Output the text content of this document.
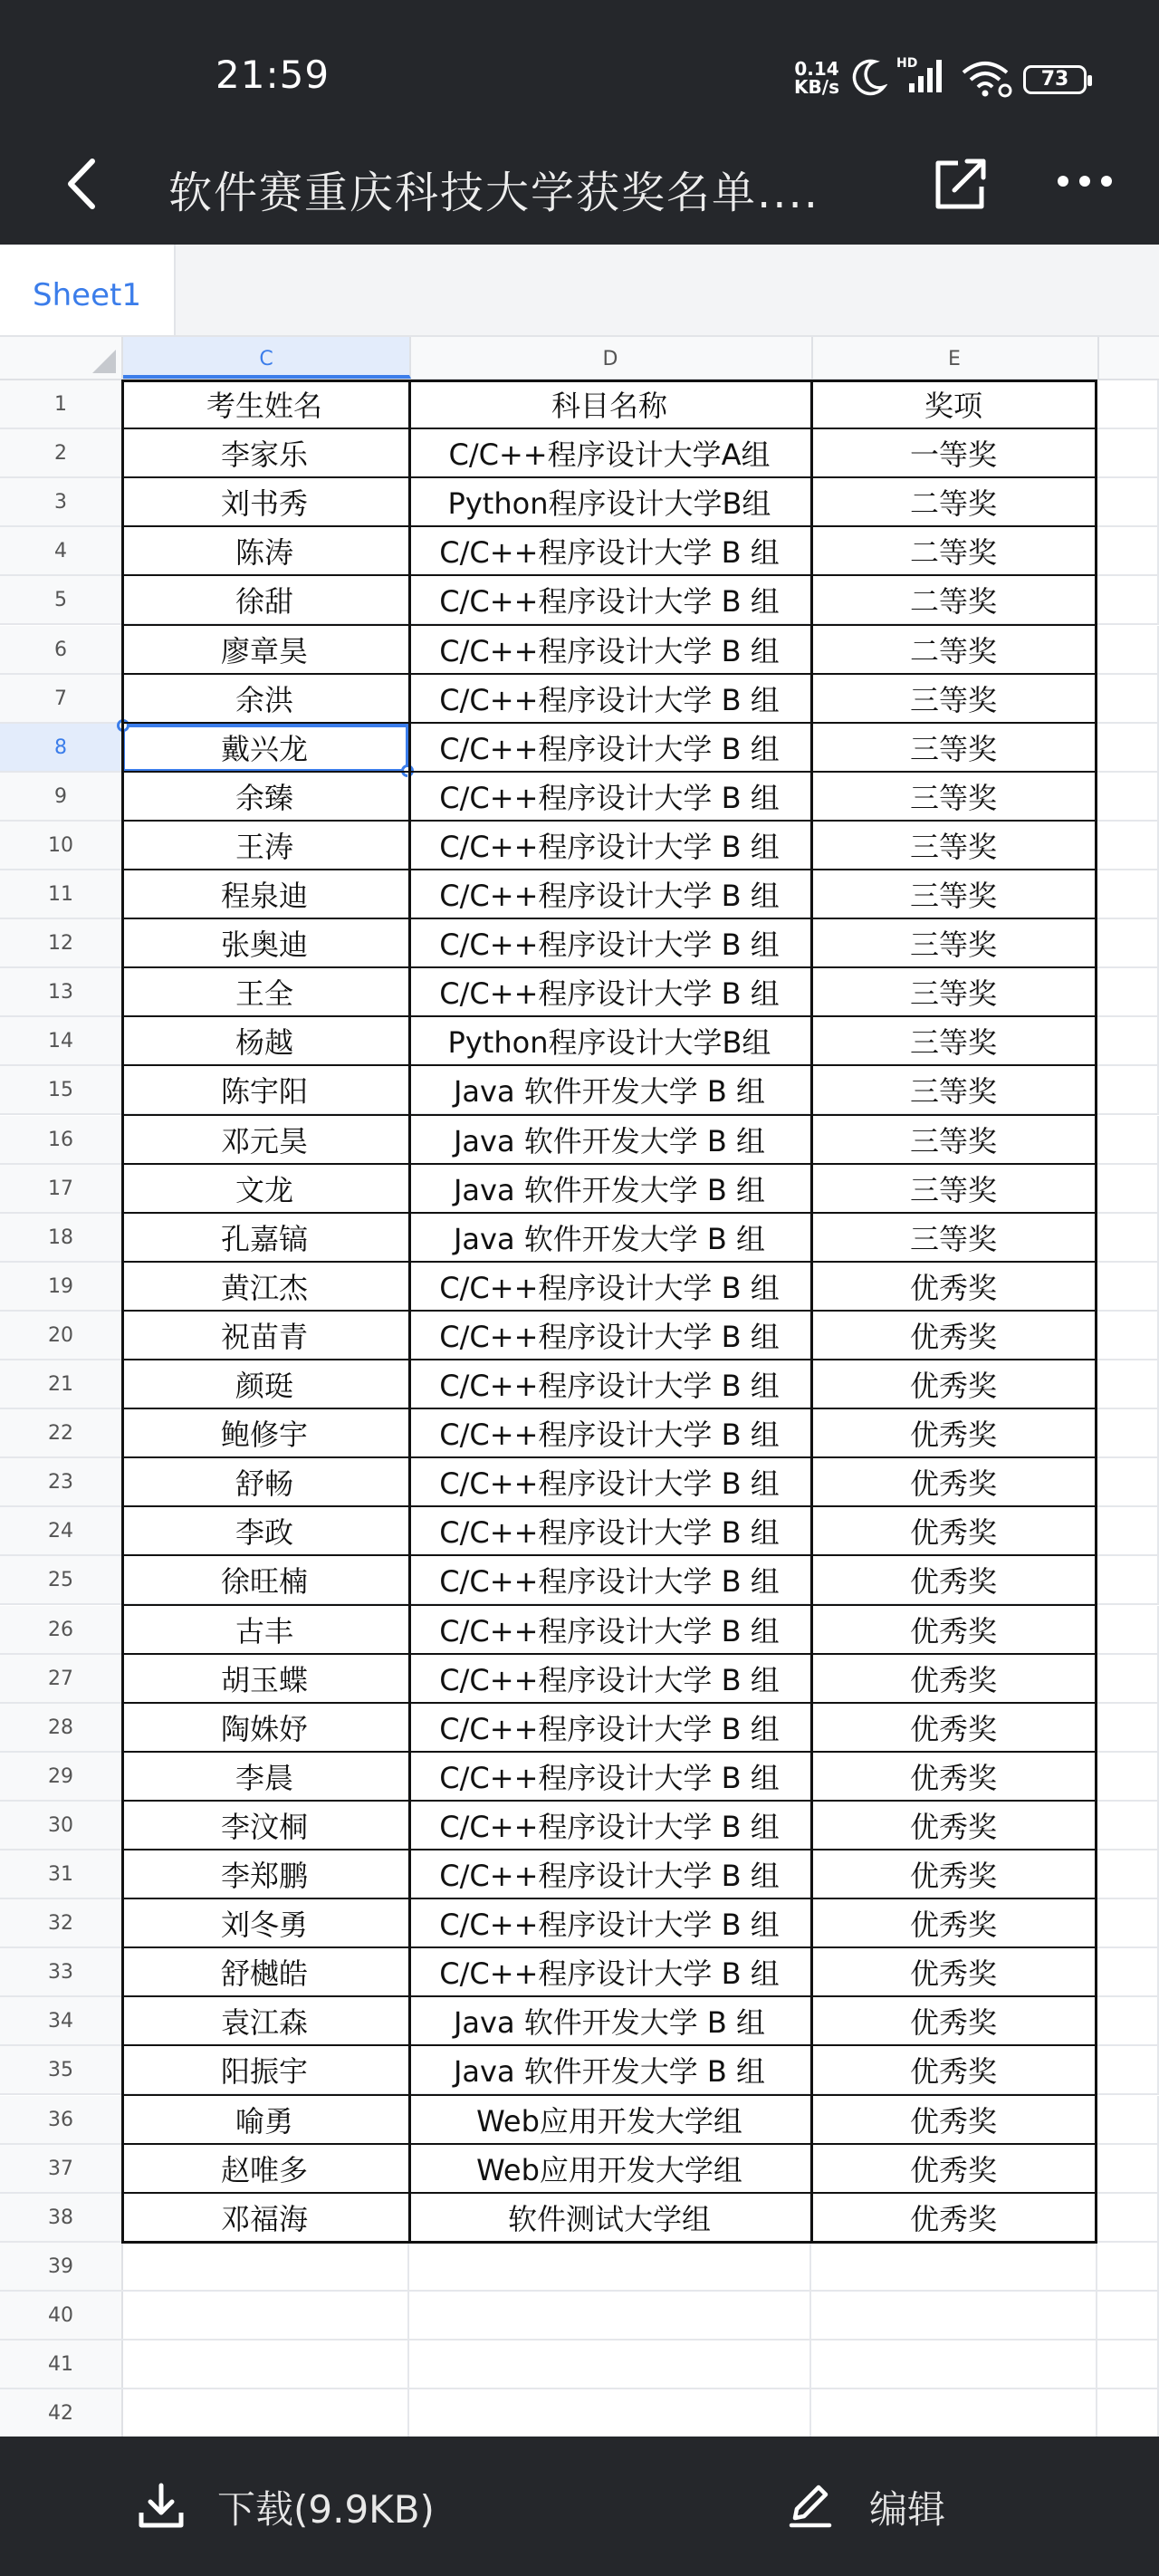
21:59	0.14
KB/s
HD
73
软件赛重庆科技大学获奖名单....
Sheet1
C	D	E
1	考生姓名	科目名称	奖项
2	李家乐	C/C++程序设计大学A组	一等奖
3	刘书秀	Python程序设计大学B组	二等奖
4	陈涛	C/C++程序设计大学 B 组	二等奖
5	徐甜	C/C++程序设计大学 B 组	二等奖
6	廖章昊	C/C++程序设计大学 B 组	二等奖
7	余洪	C/C++程序设计大学 B 组	三等奖
8	戴兴龙	C/C++程序设计大学 B 组	三等奖
9	余臻	C/C++程序设计大学 B 组	三等奖
10	王涛	C/C++程序设计大学 B 组	三等奖
11	程泉迪	C/C++程序设计大学 B 组	三等奖
12	张奥迪	C/C++程序设计大学 B 组	三等奖
13	王全	C/C++程序设计大学 B 组	三等奖
14	杨越	Python程序设计大学B组	三等奖
15	陈宇阳	Java 软件开发大学 B 组	三等奖
16	邓元昊	Java 软件开发大学 B 组	三等奖
17	文龙	Java 软件开发大学 B 组	三等奖
18	孔嘉镐	Java 软件开发大学 B 组	三等奖
19	黄江杰	C/C++程序设计大学 B 组	优秀奖
20	祝苗青	C/C++程序设计大学 B 组	优秀奖
21	颜珽	C/C++程序设计大学 B 组	优秀奖
22	鲍修宇	C/C++程序设计大学 B 组	优秀奖
23	舒畅	C/C++程序设计大学 B 组	优秀奖
24	李政	C/C++程序设计大学 B 组	优秀奖
25	徐旺楠	C/C++程序设计大学 B 组	优秀奖
26	古丰	C/C++程序设计大学 B 组	优秀奖
27	胡玉蝶	C/C++程序设计大学 B 组	优秀奖
28	陶姝妤	C/C++程序设计大学 B 组	优秀奖
29	李晨	C/C++程序设计大学 B 组	优秀奖
30	李汶桐	C/C++程序设计大学 B 组	优秀奖
31	李郑鹏	C/C++程序设计大学 B 组	优秀奖
32	刘冬勇	C/C++程序设计大学 B 组	优秀奖
33	舒樾皓	C/C++程序设计大学 B 组	优秀奖
34	袁江森	Java 软件开发大学 B 组	优秀奖
35	阳振宇	Java 软件开发大学 B 组	优秀奖
36	喻勇	Web应用开发大学组	优秀奖
37	赵唯多	Web应用开发大学组	优秀奖
38	邓福海	软件测试大学组	优秀奖
39
40
41
42
下载(9.9KB)	编辑
